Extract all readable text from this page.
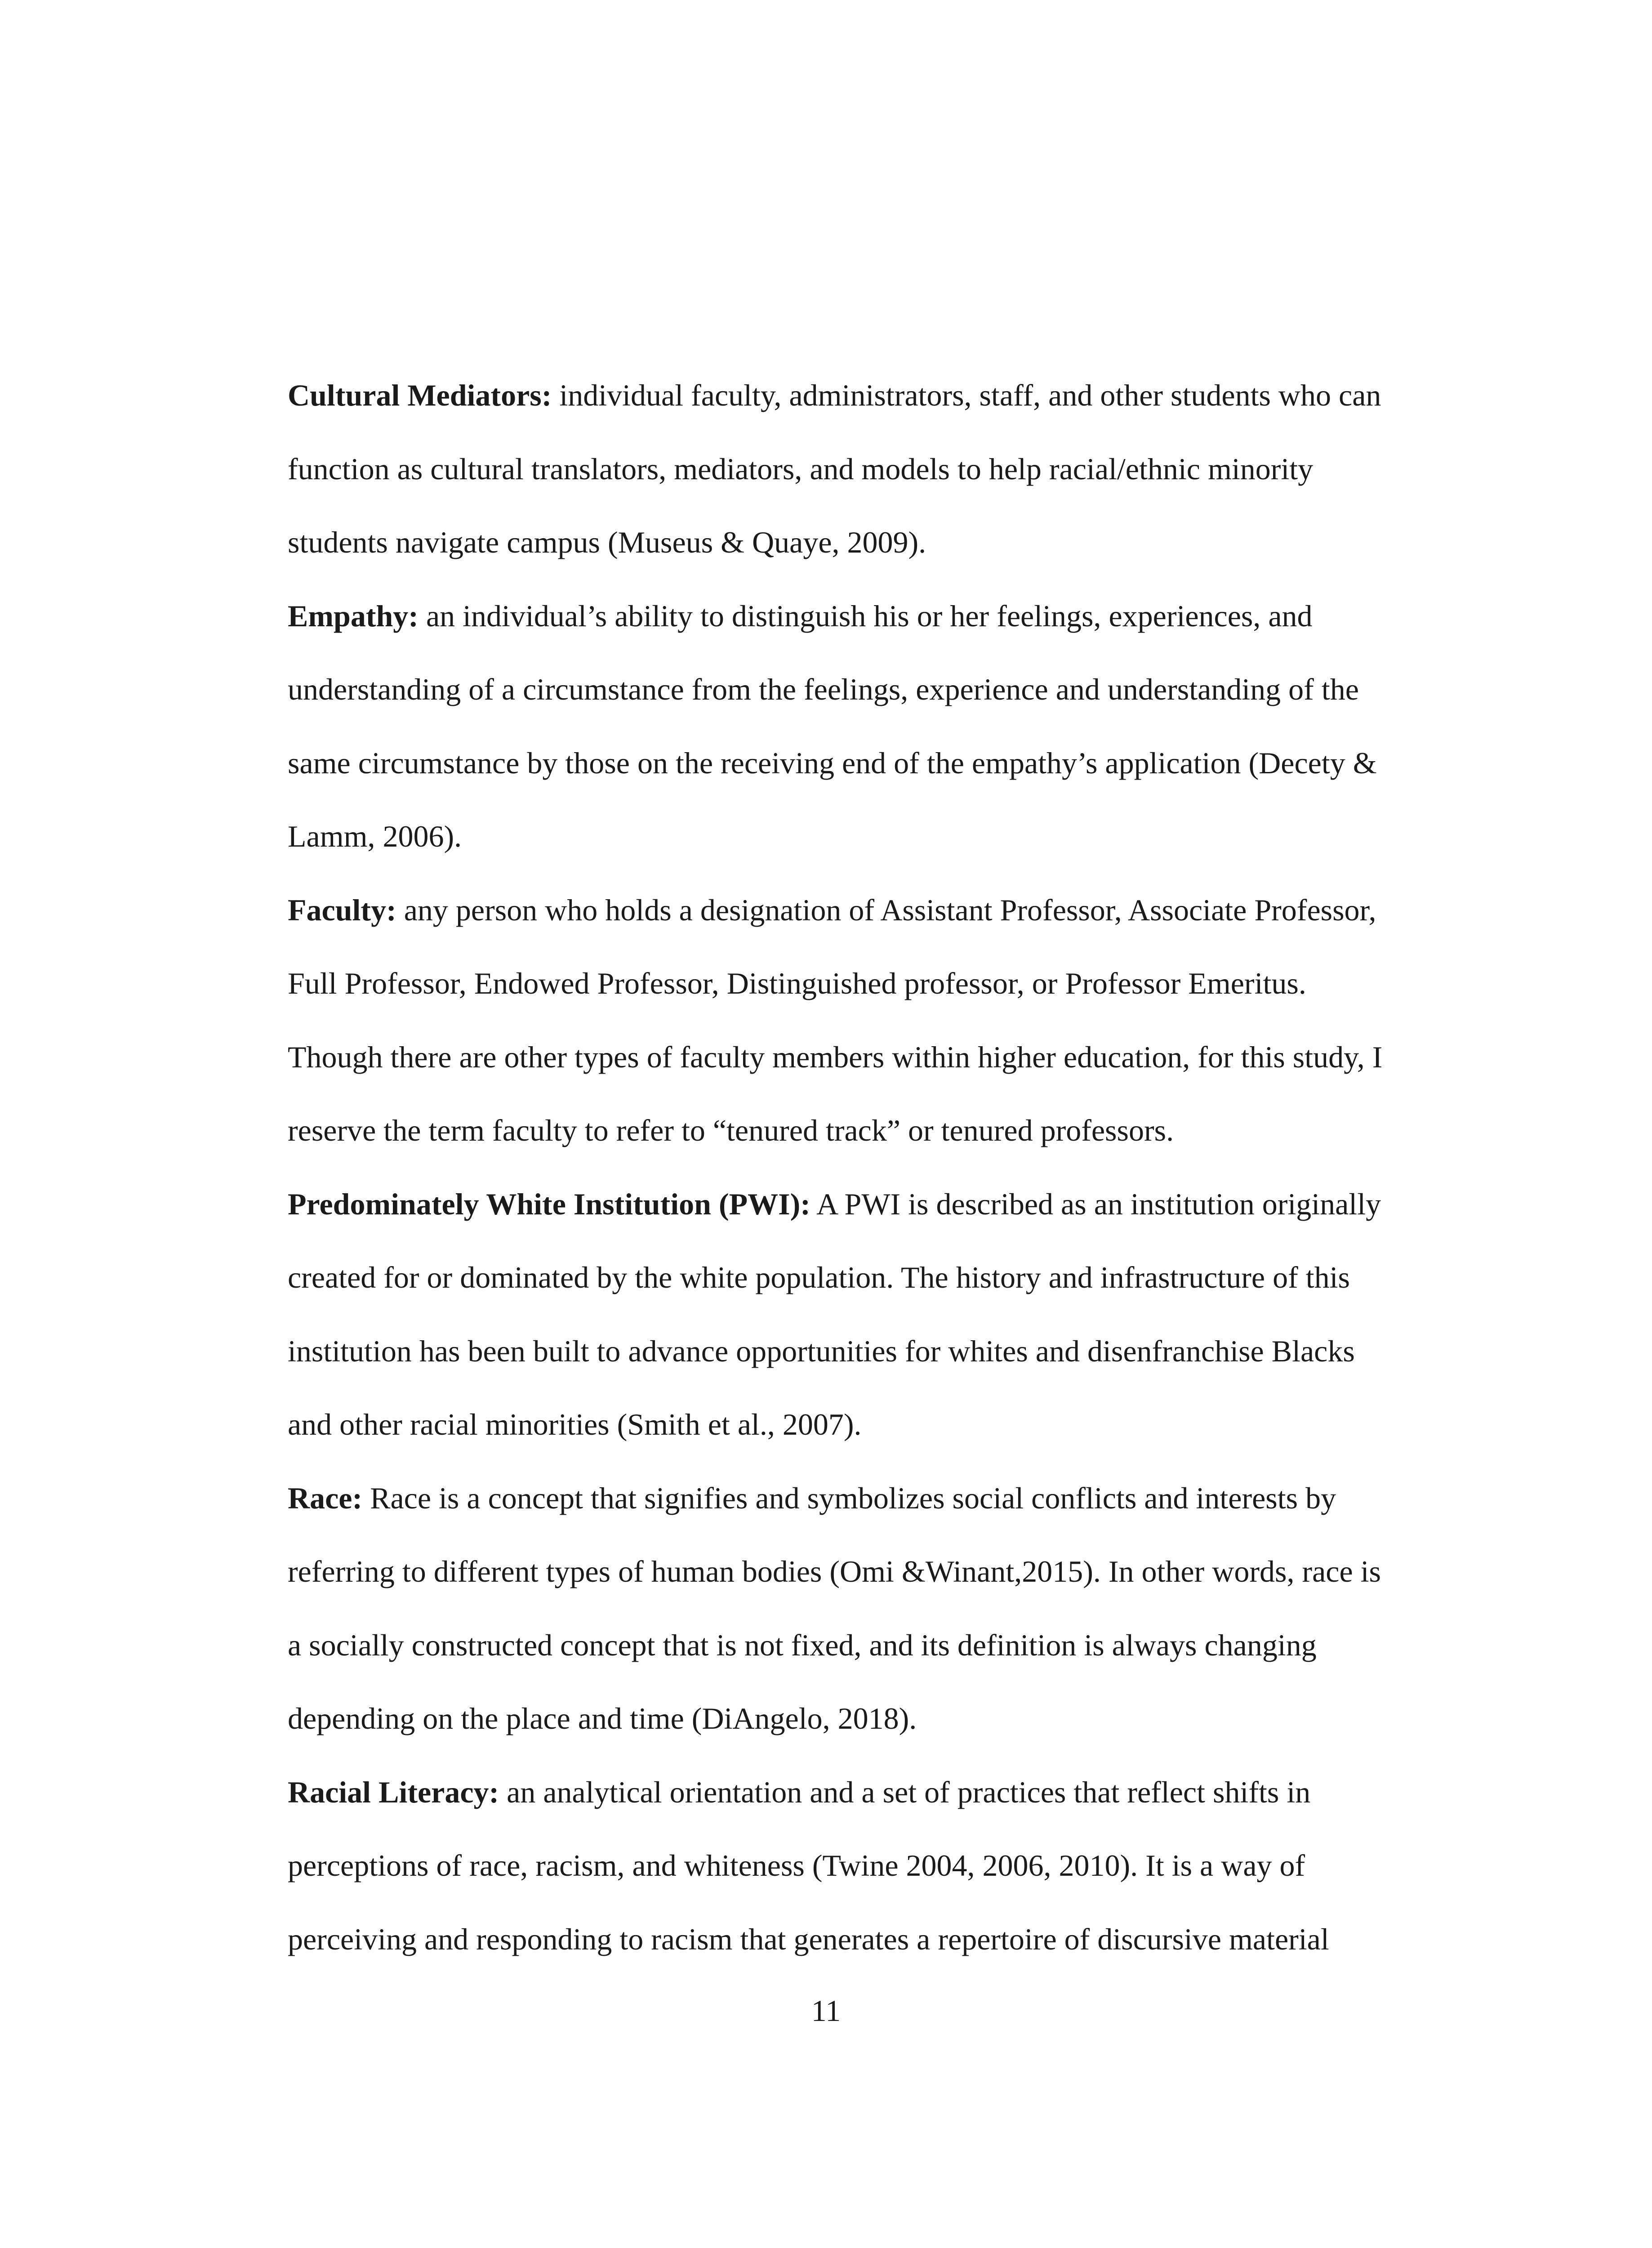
Cultural Mediators: individual faculty, administrators, staff, and other students who can
function as cultural translators, mediators, and models to help racial/ethnic minority
students navigate campus (Museus & Quaye, 2009).

Empathy: an individual’s ability to distinguish his or her feelings, experiences, and
understanding of a circumstance from the feelings, experience and understanding of the
same circumstance by those on the receiving end of the empathy’s application (Decety &
Lamm, 2006).

Faculty: any person who holds a designation of Assistant Professor, Associate Professor,
Full Professor, Endowed Professor, Distinguished professor, or Professor Emeritus.
Though there are other types of faculty members within higher education, for this study, I
reserve the term faculty to refer to “tenured track” or tenured professors.

Predominately White Institution (PWI): A PWI is described as an institution originally
created for or dominated by the white population. The history and infrastructure of this
institution has been built to advance opportunities for whites and disenfranchise Blacks
and other racial minorities (Smith et al., 2007).

Race: Race is a concept that signifies and symbolizes social conflicts and interests by
referring to different types of human bodies (Omi &Winant,2015). In other words, race is
a socially constructed concept that is not fixed, and its definition is always changing
depending on the place and time (DiAngelo, 2018).

Racial Literacy: an analytical orientation and a set of practices that reflect shifts in
perceptions of race, racism, and whiteness (Twine 2004, 2006, 2010). It is a way of
perceiving and responding to racism that generates a repertoire of discursive material

11
